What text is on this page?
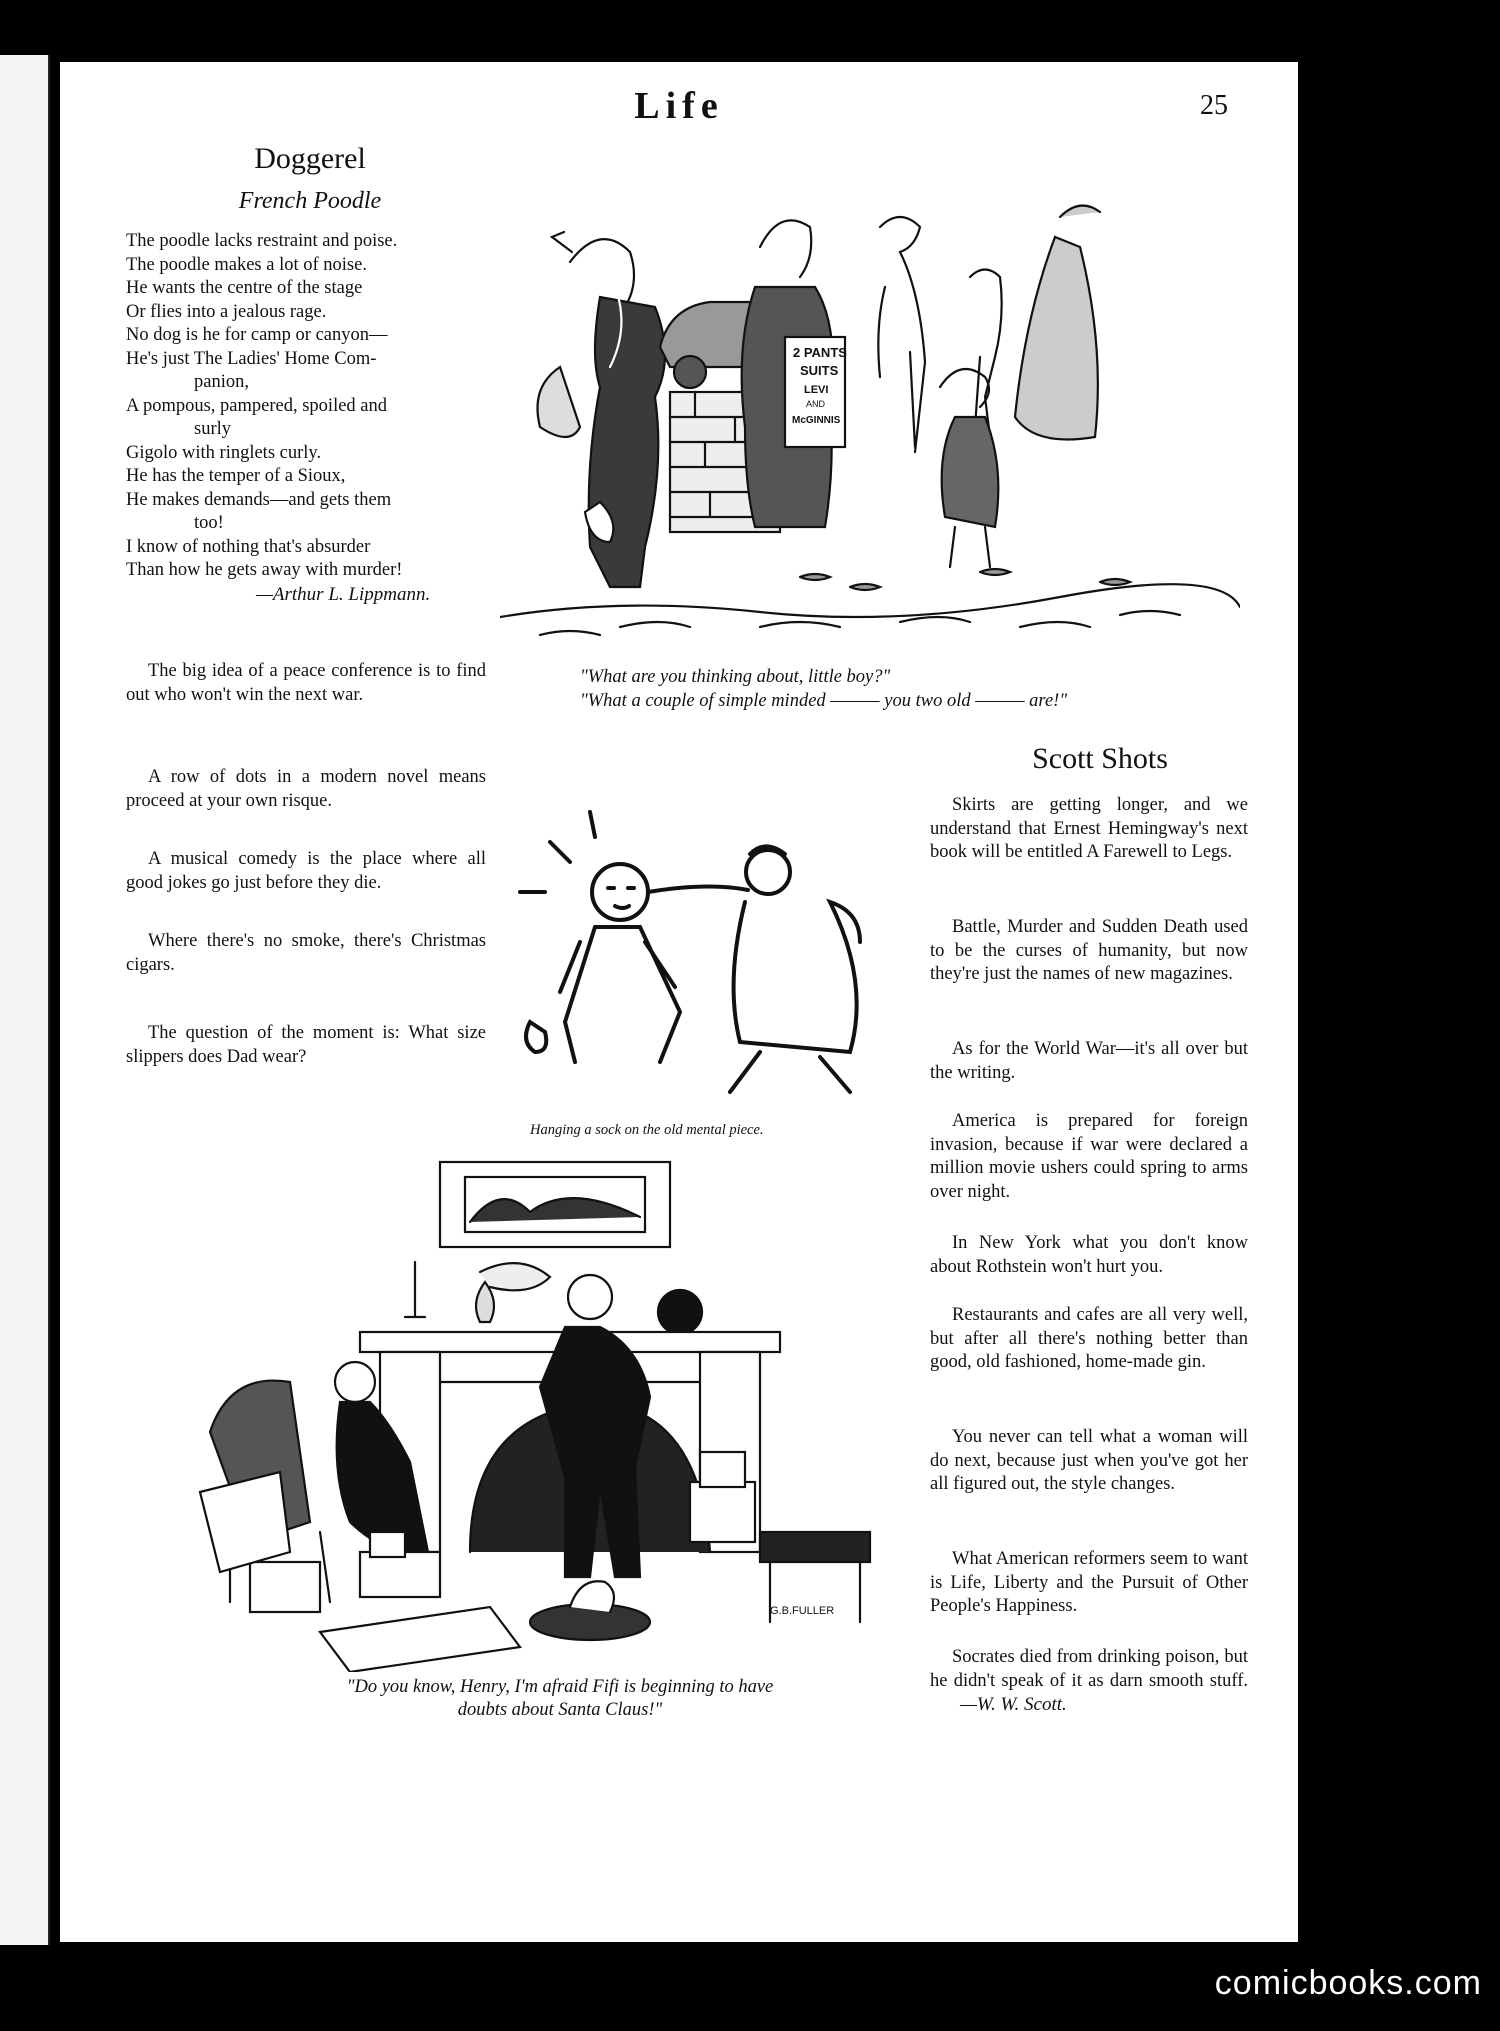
Life	25
Doggerel
French Poodle
The poodle lacks restraint and poise.
The poodle makes a lot of noise.
He wants the centre of the stage
Or flies into a jealous rage.
No dog is he for camp or canyon—
He's just The Ladies' Home Com-
panion,
A pompous, pampered, spoiled and
surly
Gigolo with ringlets curly.
He has the temper of a Sioux,
He makes demands—and gets them
too!
I know of nothing that's absurder
Than how he gets away with murder!
—Arthur L. Lippmann.
The big idea of a peace conference is to find out who won't win the next war.
A row of dots in a modern novel means proceed at your own risque.
A musical comedy is the place where all good jokes go just before they die.
Where there's no smoke, there's Christmas cigars.
The question of the moment is: What size slippers does Dad wear?
2 PANTS
SUITS
LEVI
AND
McGINNIS
"What are you thinking about, little boy?"
"What a couple of simple minded ——— you two old ——— are!"
Hanging a sock on the old mental piece.
G.B.FULLER
"Do you know, Henry, I'm afraid Fifi is beginning to have
doubts about Santa Claus!"
Scott Shots
Skirts are getting longer, and we understand that Ernest Hemingway's next book will be entitled A Farewell to Legs.
Battle, Murder and Sudden Death used to be the curses of humanity, but now they're just the names of new magazines.
As for the World War—it's all over but the writing.
America is prepared for foreign invasion, because if war were declared a million movie ushers could spring to arms over night.
In New York what you don't know about Rothstein won't hurt you.
Restaurants and cafes are all very well, but after all there's nothing better than good, old fashioned, home-made gin.
You never can tell what a woman will do next, because just when you've got her all figured out, the style changes.
What American reformers seem to want is Life, Liberty and the Pursuit of Other People's Happiness.
Socrates died from drinking poison, but he didn't speak of it as darn smooth stuff. —W. W. Scott.
comicbooks.com
